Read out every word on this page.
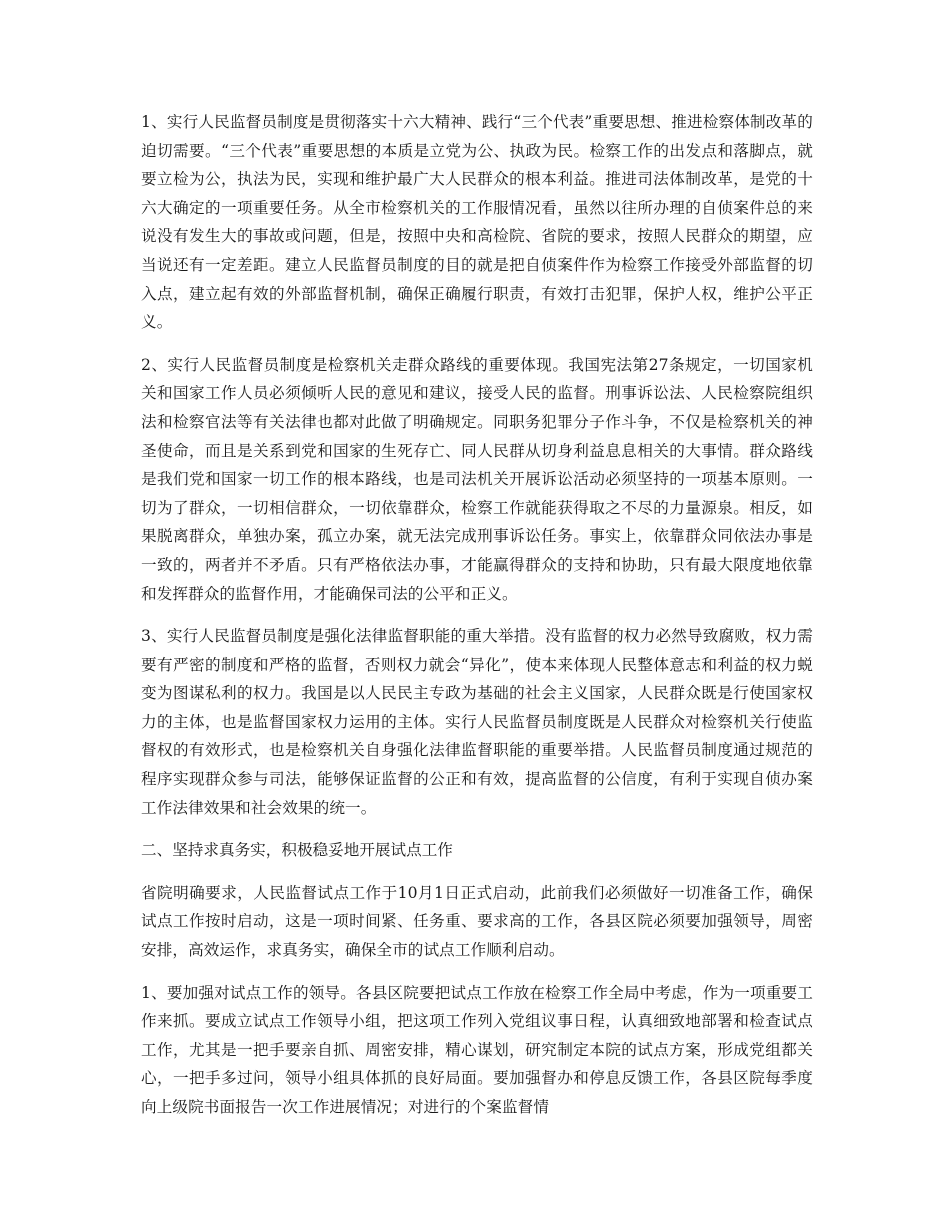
1、实行人民监督员制度是贯彻落实十六大精神、践行“三个代表”重要思想、推进检察体制改革的迫切需要。“三个代表”重要思想的本质是立党为公、执政为民。检察工作的出发点和落脚点，就要立检为公，执法为民，实现和维护最广大人民群众的根本利益。推进司法体制改革，是党的十六大确定的一项重要任务。从全市检察机关的工作服情况看，虽然以往所办理的自侦案件总的来说没有发生大的事故或问题，但是，按照中央和高检院、省院的要求，按照人民群众的期望，应当说还有一定差距。建立人民监督员制度的目的就是把自侦案件作为检察工作接受外部监督的切入点，建立起有效的外部监督机制，确保正确履行职责，有效打击犯罪，保护人权，维护公平正义。

2、实行人民监督员制度是检察机关走群众路线的重要体现。我国宪法第27条规定，一切国家机关和国家工作人员必须倾听人民的意见和建议，接受人民的监督。刑事诉讼法、人民检察院组织法和检察官法等有关法律也都对此做了明确规定。同职务犯罪分子作斗争，不仅是检察机关的神圣使命，而且是关系到党和国家的生死存亡、同人民群从切身利益息息相关的大事情。群众路线是我们党和国家一切工作的根本路线，也是司法机关开展诉讼活动必须坚持的一项基本原则。一切为了群众，一切相信群众，一切依靠群众，检察工作就能获得取之不尽的力量源泉。相反，如果脱离群众，单独办案，孤立办案，就无法完成刑事诉讼任务。事实上，依靠群众同依法办事是一致的，两者并不矛盾。只有严格依法办事，才能赢得群众的支持和协助，只有最大限度地依靠和发挥群众的监督作用，才能确保司法的公平和正义。

3、实行人民监督员制度是强化法律监督职能的重大举措。没有监督的权力必然导致腐败，权力需要有严密的制度和严格的监督，否则权力就会“异化”，使本来体现人民整体意志和利益的权力蜕变为图谋私利的权力。我国是以人民民主专政为基础的社会主义国家，人民群众既是行使国家权力的主体，也是监督国家权力运用的主体。实行人民监督员制度既是人民群众对检察机关行使监督权的有效形式，也是检察机关自身强化法律监督职能的重要举措。人民监督员制度通过规范的程序实现群众参与司法，能够保证监督的公正和有效，提高监督的公信度，有利于实现自侦办案工作法律效果和社会效果的统一。

二、坚持求真务实，积极稳妥地开展试点工作

省院明确要求，人民监督试点工作于10月1日正式启动，此前我们必须做好一切准备工作，确保试点工作按时启动，这是一项时间紧、任务重、要求高的工作，各县区院必须要加强领导，周密安排，高效运作，求真务实，确保全市的试点工作顺利启动。

1、要加强对试点工作的领导。各县区院要把试点工作放在检察工作全局中考虑，作为一项重要工作来抓。要成立试点工作领导小组，把这项工作列入党组议事日程，认真细致地部署和检查试点工作，尤其是一把手要亲自抓、周密安排，精心谋划，研究制定本院的试点方案，形成党组都关心，一把手多过问，领导小组具体抓的良好局面。要加强督办和停息反馈工作，各县区院每季度向上级院书面报告一次工作进展情况；对进行的个案监督情
